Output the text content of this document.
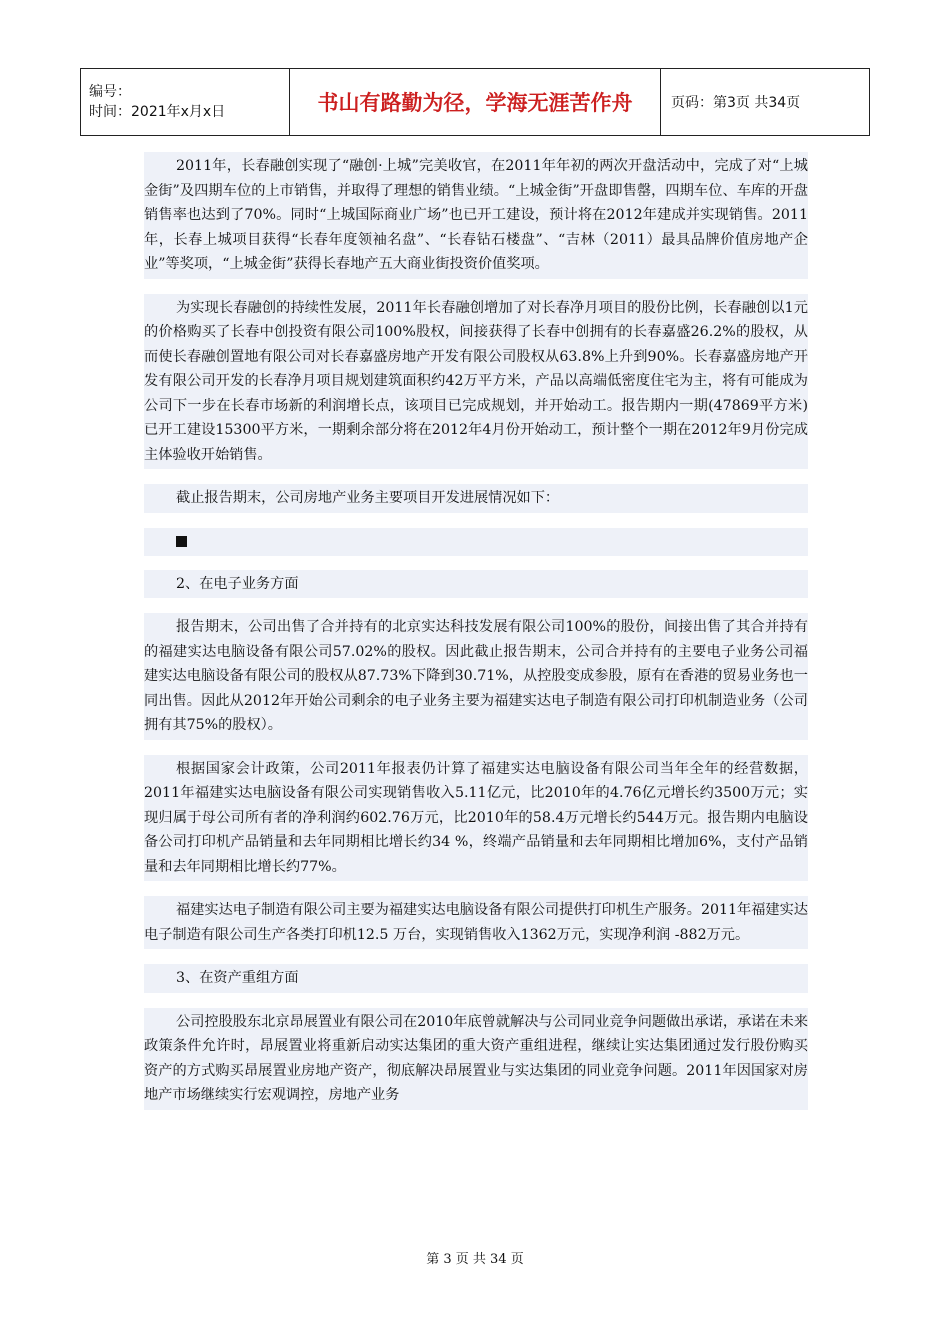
编号：
时间：2021年x月x日	书山有路勤为径，学海无涯苦作舟	页码：第3页 共34页

2011年，长春融创实现了“融创·上城”完美收官，在2011年年初的两次开盘活动中，完成了对“上城金街”及四期车位的上市销售，并取得了理想的销售业绩。“上城金街”开盘即售罄，四期车位、车库的开盘销售率也达到了70%。同时“上城国际商业广场”也已开工建设，预计将在2012年建成并实现销售。2011年，长春上城项目获得“长春年度领袖名盘”、“长春钻石楼盘”、“吉林（2011）最具品牌价值房地产企业”等奖项，“上城金街”获得长春地产五大商业街投资价值奖项。

为实现长春融创的持续性发展，2011年长春融创增加了对长春净月项目的股份比例，长春融创以1元的价格购买了长春中创投资有限公司100%股权，间接获得了长春中创拥有的长春嘉盛26.2%的股权，从而使长春融创置地有限公司对长春嘉盛房地产开发有限公司股权从63.8%上升到90%。长春嘉盛房地产开发有限公司开发的长春净月项目规划建筑面积约42万平方米，产品以高端低密度住宅为主，将有可能成为公司下一步在长春市场新的利润增长点，该项目已完成规划，并开始动工。报告期内一期(47869平方米)已开工建设15300平方米，一期剩余部分将在2012年4月份开始动工，预计整个一期在2012年9月份完成主体验收开始销售。

截止报告期末，公司房地产业务主要项目开发进展情况如下：

2、在电子业务方面

报告期末，公司出售了合并持有的北京实达科技发展有限公司100%的股份，间接出售了其合并持有的福建实达电脑设备有限公司57.02%的股权。因此截止报告期末，公司合并持有的主要电子业务公司福建实达电脑设备有限公司的股权从87.73%下降到30.71%，从控股变成参股，原有在香港的贸易业务也一同出售。因此从2012年开始公司剩余的电子业务主要为福建实达电子制造有限公司打印机制造业务（公司拥有其75%的股权）。

根据国家会计政策，公司2011年报表仍计算了福建实达电脑设备有限公司当年全年的经营数据，2011年福建实达电脑设备有限公司实现销售收入5.11亿元，比2010年的4.76亿元增长约3500万元；实现归属于母公司所有者的净利润约602.76万元，比2010年的58.4万元增长约544万元。报告期内电脑设备公司打印机产品销量和去年同期相比增长约34 %，终端产品销量和去年同期相比增加6%，支付产品销量和去年同期相比增长约77%。

福建实达电子制造有限公司主要为福建实达电脑设备有限公司提供打印机生产服务。2011年福建实达电子制造有限公司生产各类打印机12.5 万台，实现销售收入1362万元，实现净利润 -882万元。

3、在资产重组方面

公司控股股东北京昂展置业有限公司在2010年底曾就解决与公司同业竞争问题做出承诺，承诺在未来政策条件允许时，昂展置业将重新启动实达集团的重大资产重组进程，继续让实达集团通过发行股份购买资产的方式购买昂展置业房地产资产，彻底解决昂展置业与实达集团的同业竞争问题。2011年因国家对房地产市场继续实行宏观调控，房地产业务

第 3 页 共 34 页
